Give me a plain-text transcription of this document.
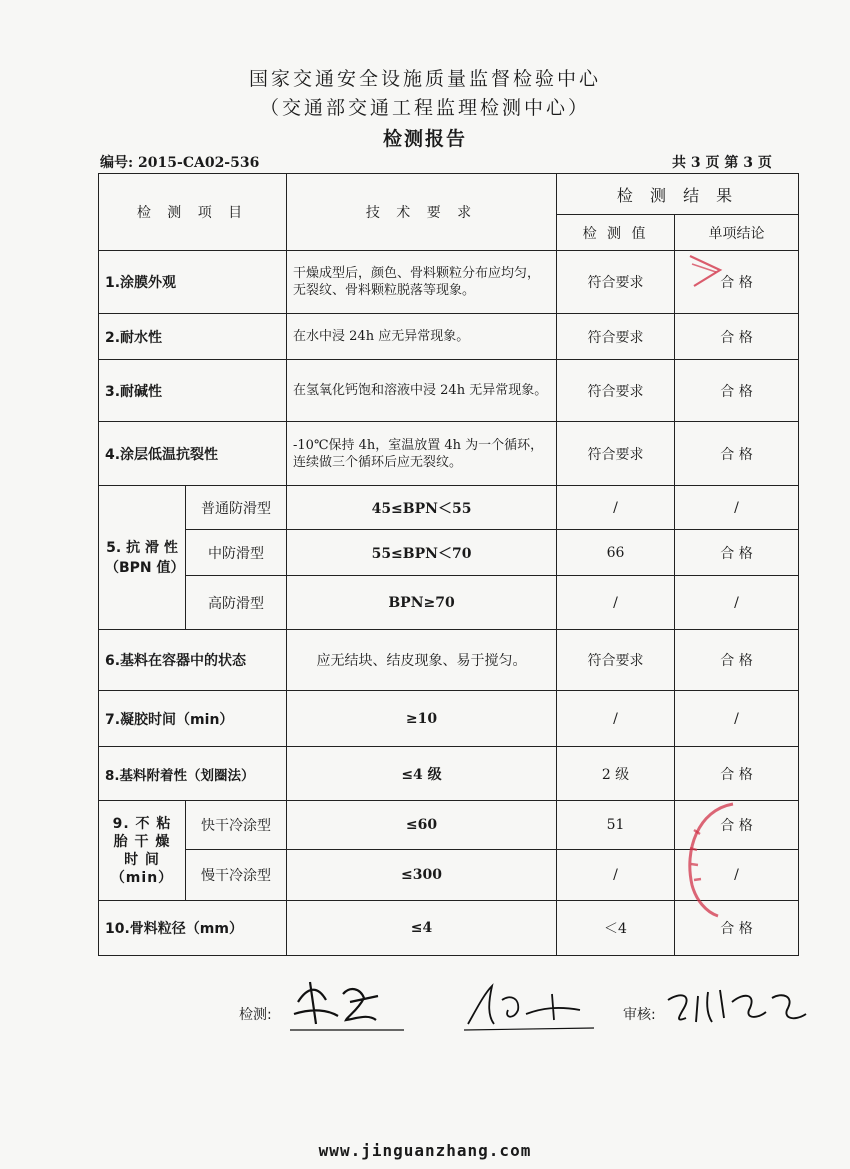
国家交通安全设施质量监督检验中心
（交通部交通工程监理检测中心）
检测报告
编号: 2015-CA02-536	共 3 页 第 3 页
检 测 项 目		技 术 要 求	检 测 结 果	
			检 测 值	单项结论
1.涂膜外观		干燥成型后，颜色、骨料颗粒分布应均匀，无裂纹、骨料颗粒脱落等现象。	符合要求	合 格
2.耐水性		在水中浸 24h 应无异常现象。	符合要求	合 格
3.耐碱性		在氢氧化钙饱和溶液中浸 24h 无异常现象。	符合要求	合 格
4.涂层低温抗裂性		-10℃保持 4h，室温放置 4h 为一个循环，连续做三个循环后应无裂纹。	符合要求	合 格
5. 抗 滑 性（BPN 值）	普通防滑型	45≤BPN＜55	/	/
	中防滑型	55≤BPN＜70	66	合 格
	高防滑型	BPN≥70	/	/
6.基料在容器中的状态		应无结块、结皮现象、易于搅匀。	符合要求	合 格
7.凝胶时间（min）		≥10	/	/
8.基料附着性（划圈法）		≤4 级	2 级	合 格
9. 不 粘 胎 干 燥 时 间（min）	快干冷涂型	≤60	51	合 格
	慢干冷涂型	≤300	/	/
10.骨料粒径（mm）		≤4	＜4	合 格
检测:	审核:
www.jinguanzhang.com
